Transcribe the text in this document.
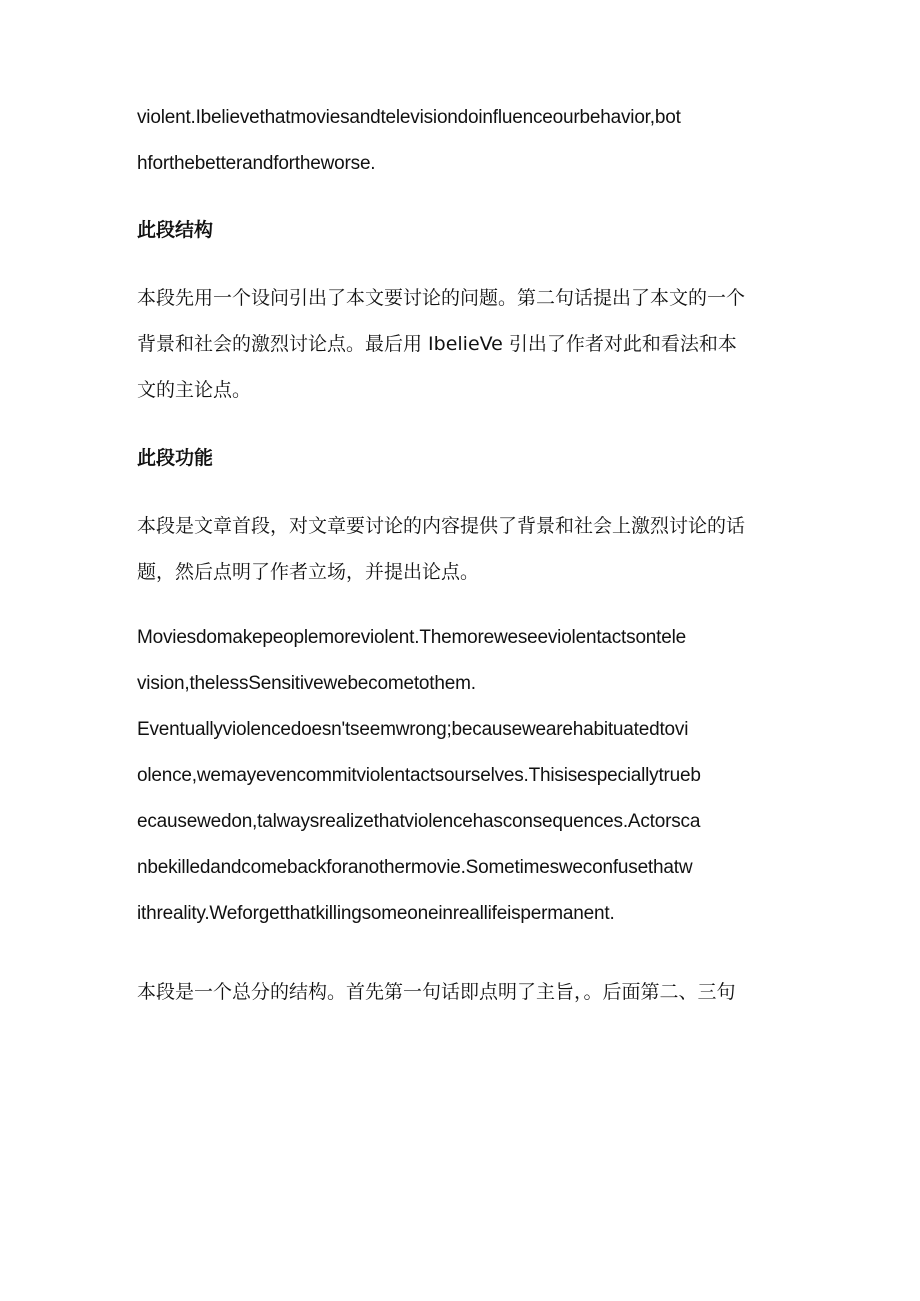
violent.Ibelievethatmoviesandtelevisiondoinfluenceourbehavior,bot
hforthebetterandfortheworse.
此段结构
本段先用一个设问引出了本文要讨论的问题。第二句话提出了本文的一个
背景和社会的激烈讨论点。最后用 IbelieVe 引出了作者对此和看法和本
文的主论点。
此段功能
本段是文章首段，对文章要讨论的内容提供了背景和社会上激烈讨论的话
题，然后点明了作者立场，并提出论点。
Moviesdomakepeoplemoreviolent.Themoreweseeviolentactsontele
vision,thelessSensitivewebecometothem.
Eventuallyviolencedoesn'tseemwrong;becausewearehabituatedtovi
olence,wemayevencommitviolentactsourselves.Thisisespeciallytrueb
ecausewedon,talwaysrealizethatviolencehasconsequences.Actorsca
nbekilledandcomebackforanothermovie.Sometimesweconfusethatw
ithreality.Weforgetthatkillingsomeoneinreallifeispermanent.
本段是一个总分的结构。首先第一句话即点明了主旨，。后面第二、三句
